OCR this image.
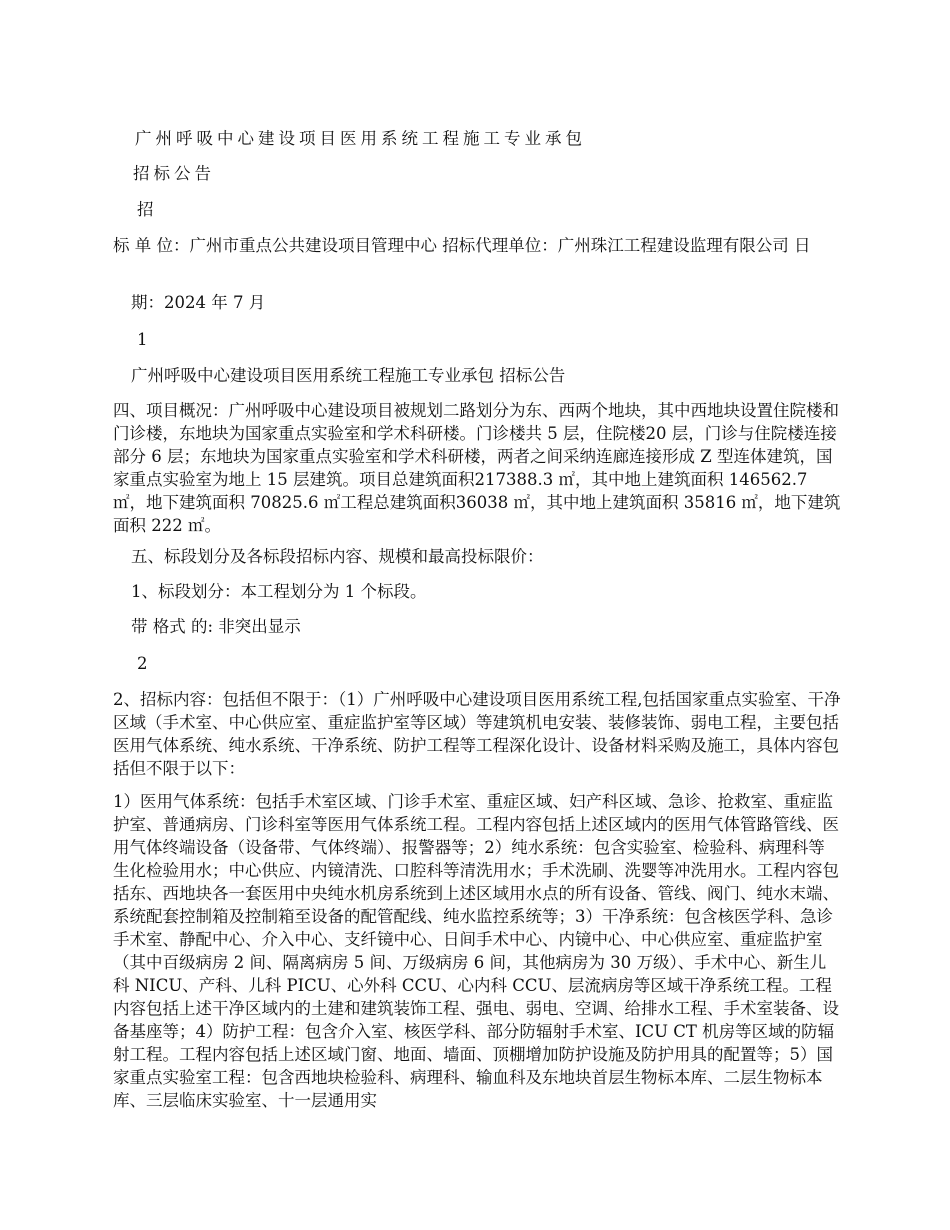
广州呼吸中心建设项目医用系统工程施工专业承包

招标公告

招

标 单 位：广州市重点公共建设项目管理中心 招标代理单位：广州珠江工程建设监理有限公司 日

期：2024 年 7 月

1

广州呼吸中心建设项目医用系统工程施工专业承包 招标公告

四、项目概况：广州呼吸中心建设项目被规划二路划分为东、西两个地块，其中西地块设置住院楼和门诊楼，东地块为国家重点实验室和学术科研楼。门诊楼共 5 层，住院楼20 层，门诊与住院楼连接部分 6 层；东地块为国家重点实验室和学术科研楼，两者之间采纳连廊连接形成 Z 型连体建筑，国家重点实验室为地上 15 层建筑。项目总建筑面积217388.3 ㎡，其中地上建筑面积 146562.7 ㎡，地下建筑面积 70825.6 ㎡工程总建筑面积36038 ㎡，其中地上建筑面积 35816 ㎡，地下建筑面积 222 ㎡。

五、标段划分及各标段招标内容、规模和最高投标限价：

1、标段划分：本工程划分为 1 个标段。

带 格式 的: 非突出显示

2

2、招标内容：包括但不限于：（1）广州呼吸中心建设项目医用系统工程,包括国家重点实验室、干净区域（手术室、中心供应室、重症监护室等区域）等建筑机电安装、装修装饰、弱电工程，主要包括医用气体系统、纯水系统、干净系统、防护工程等工程深化设计、设备材料采购及施工，具体内容包括但不限于以下：

1）医用气体系统：包括手术室区域、门诊手术室、重症区域、妇产科区域、急诊、抢救室、重症监护室、普通病房、门诊科室等医用气体系统工程。工程内容包括上述区域内的医用气体管路管线、医用气体终端设备（设备带、气体终端）、报警器等；2）纯水系统：包含实验室、检验科、病理科等生化检验用水；中心供应、内镜清洗、口腔科等清洗用水；手术洗刷、洗婴等冲洗用水。工程内容包括东、西地块各一套医用中央纯水机房系统到上述区域用水点的所有设备、管线、阀门、纯水末端、系统配套控制箱及控制箱至设备的配管配线、纯水监控系统等；3）干净系统：包含核医学科、急诊手术室、静配中心、介入中心、支纤镜中心、日间手术中心、内镜中心、中心供应室、重症监护室（其中百级病房 2 间、隔离病房 5 间、万级病房 6 间，其他病房为 30 万级）、手术中心、新生儿科 NICU、产科、儿科 PICU、心外科 CCU、心内科 CCU、层流病房等区域干净系统工程。工程内容包括上述干净区域内的土建和建筑装饰工程、强电、弱电、空调、给排水工程、手术室装备、设备基座等；4）防护工程：包含介入室、核医学科、部分防辐射手术室、ICU CT 机房等区域的防辐射工程。工程内容包括上述区域门窗、地面、墙面、顶棚增加防护设施及防护用具的配置等；5）国家重点实验室工程：包含西地块检验科、病理科、输血科及东地块首层生物标本库、二层生物标本库、三层临床实验室、十一层通用实
